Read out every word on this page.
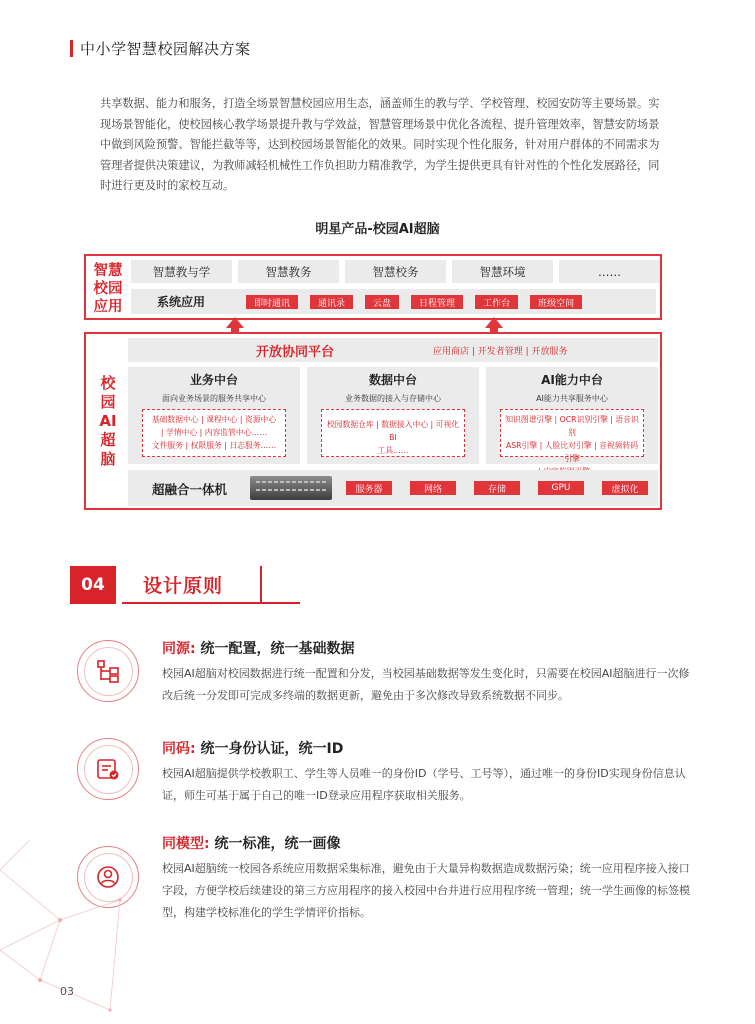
中小学智慧校园解决方案
共享数据、能力和服务，打造全场景智慧校园应用生态，涵盖师生的教与学、学校管理、校园安防等主要场景。实现场景智能化，使校园核心教学场景提升教与学效益，智慧管理场景中优化各流程、提升管理效率，智慧安防场景中做到风险预警、智能拦截等等，达到校园场景智能化的效果。同时实现个性化服务，针对用户群体的不同需求为管理者提供决策建议，为教师减轻机械性工作负担助力精准教学，为学生提供更具有针对性的个性化发展路径，同时进行更及时的家校互动。
明星产品-校园AI超脑
智慧
校园
应用
智慧教与学	智慧教务	智慧校务	智慧环境	……
系统应用	即时通讯	通讯录	云盘	日程管理	工作台	班级空间
校
园
AI
超
脑
开放协同平台	应用商店 | 开发者管理 | 开放服务
业务中台
面向业务场景的服务共享中心
基础数据中心 | 课程中心 | 资源中心
| 学情中心 | 内容监管中心……
文件服务 | 权限服务 | 日志服务……
数据中台
业务数据的接入与存储中心
校园数据仓库 | 数据接入中心 | 可视化BI
工具……
AI能力中台
AI能力共享服务中心
知识图谱引擎 | OCR识别引擎 | 语音识别
ASR引擎 | 人脸比对引擎 | 音视频转码引擎
超融合一体机	服务器	网络	存储	GPU	虚拟化
04	设计原则
同源: 统一配置，统一基础数据
校园AI超脑对校园数据进行统一配置和分发，当校园基础数据等发生变化时，只需要在校园AI超脑进行一次修改后统一分发即可完成多终端的数据更新，避免由于多次修改导致系统数据不同步。
同码: 统一身份认证，统一ID
校园AI超脑提供学校教职工、学生等人员唯一的身份ID（学号、工号等），通过唯一的身份ID实现身份信息认证，师生可基于属于自己的唯一ID登录应用程序获取相关服务。
同模型: 统一标准，统一画像
校园AI超脑统一校园各系统应用数据采集标准，避免由于大量异构数据造成数据污染；统一应用程序接入接口字段，方便学校后续建设的第三方应用程序的接入校园中台并进行应用程序统一管理；统一学生画像的标签模型，构建学校标准化的学生学情评价指标。
03
